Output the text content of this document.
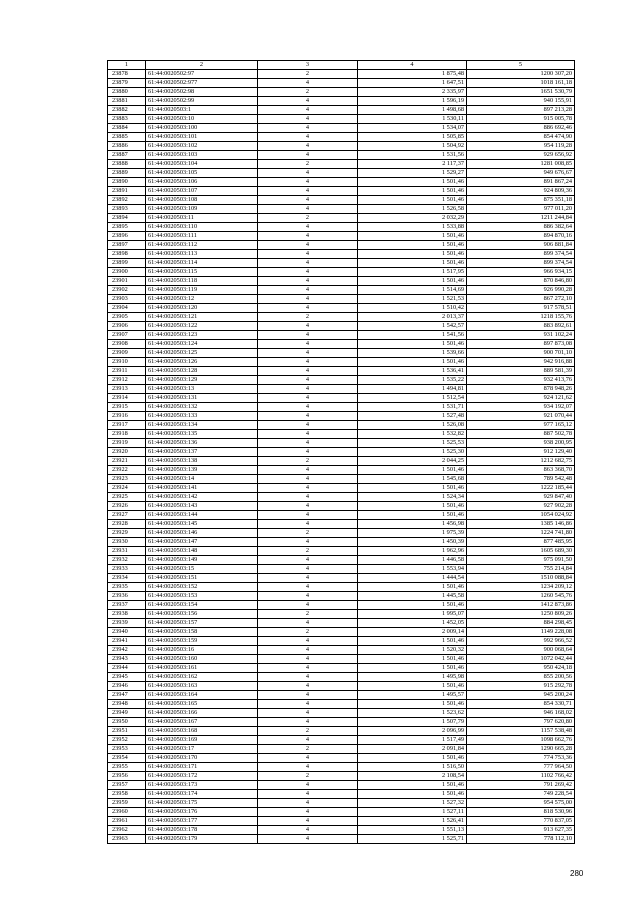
1	2	3	4	5
23878	61:44:0020502:97	2	1 875,48	1200 307,20
23879	61:44:0020502:977	4	1 647,51	1018 161,18
23880	61:44:0020502:98	2	2 335,97	1651 530,79
23881	61:44:0020502:99	4	1 596,19	940 155,91
23882	61:44:0020503:1	4	1 498,68	897 213,28
23883	61:44:0020503:10	4	1 530,11	915 005,78
23884	61:44:0020503:100	4	1 534,07	886 692,46
23885	61:44:0020503:101	4	1 505,85	854 474,90
23886	61:44:0020503:102	4	1 504,92	954 119,28
23887	61:44:0020503:103	4	1 531,56	929 656,92
23888	61:44:0020503:104	2	2 117,37	1281 008,85
23889	61:44:0020503:105	4	1 529,27	949 676,67
23890	61:44:0020503:106	4	1 501,46	891 867,24
23891	61:44:0020503:107	4	1 501,46	924 809,36
23892	61:44:0020503:108	4	1 501,46	875 351,18
23893	61:44:0020503:109	4	1 526,58	977 011,20
23894	61:44:0020503:11	2	2 032,29	1211 244,84
23895	61:44:0020503:110	4	1 533,88	886 382,64
23896	61:44:0020503:111	4	1 501,46	894 870,16
23897	61:44:0020503:112	4	1 501,46	906 881,84
23898	61:44:0020503:113	4	1 501,46	899 374,54
23899	61:44:0020503:114	4	1 501,46	899 374,54
23900	61:44:0020503:115	4	1 517,95	966 934,15
23901	61:44:0020503:118	4	1 501,46	870 846,80
23902	61:44:0020503:119	4	1 514,69	926 990,28
23903	61:44:0020503:12	4	1 521,53	867 272,10
23904	61:44:0020503:120	4	1 510,42	917 578,51
23905	61:44:0020503:121	2	2 013,37	1218 155,76
23906	61:44:0020503:122	4	1 542,57	883 892,61
23907	61:44:0020503:123	4	1 541,56	931 102,24
23908	61:44:0020503:124	4	1 501,46	897 873,08
23909	61:44:0020503:125	4	1 539,66	900 701,10
23910	61:44:0020503:126	4	1 501,46	942 916,88
23911	61:44:0020503:128	4	1 536,41	889 581,39
23912	61:44:0020503:129	4	1 535,22	932 413,76
23913	61:44:0020503:13	4	1 494,81	878 948,26
23914	61:44:0020503:131	4	1 512,54	924 121,62
23915	61:44:0020503:132	4	1 531,71	934 192,07
23916	61:44:0020503:133	4	1 527,48	921 070,44
23917	61:44:0020503:134	4	1 526,08	977 165,12
23918	61:44:0020503:135	4	1 532,82	887 502,78
23919	61:44:0020503:136	4	1 525,53	938 200,95
23920	61:44:0020503:137	4	1 525,30	912 129,40
23921	61:44:0020503:138	2	2 044,25	1212 682,75
23922	61:44:0020503:139	4	1 501,46	863 368,70
23923	61:44:0020503:14	4	1 545,68	789 542,48
23924	61:44:0020503:141	4	1 501,46	1222 185,44
23925	61:44:0020503:142	4	1 524,34	929 847,40
23926	61:44:0020503:143	4	1 501,46	927 902,28
23927	61:44:0020503:144	4	1 501,46	1054 024,92
23928	61:44:0020503:145	4	1 456,98	1385 146,86
23929	61:44:0020503:146	2	1 975,39	1224 741,80
23930	61:44:0020503:147	4	1 450,39	877 485,95
23931	61:44:0020503:148	2	1 962,96	1605 689,30
23932	61:44:0020503:149	4	1 446,58	975 091,50
23933	61:44:0020503:15	4	1 553,94	755 214,84
23934	61:44:0020503:151	4	1 444,54	1510 088,84
23935	61:44:0020503:152	4	1 501,46	1234 209,12
23936	61:44:0020503:153	4	1 445,58	1260 545,76
23937	61:44:0020503:154	4	1 501,46	1412 873,86
23938	61:44:0020503:156	2	1 995,07	1250 809,26
23939	61:44:0020503:157	4	1 452,05	884 298,45
23940	61:44:0020503:158	2	2 009,14	1149 228,08
23941	61:44:0020503:159	4	1 501,46	992 966,52
23942	61:44:0020503:16	4	1 520,32	900 068,64
23943	61:44:0020503:160	4	1 501,46	1072 042,44
23944	61:44:0020503:161	4	1 501,46	950 424,18
23945	61:44:0020503:162	4	1 495,98	855 200,56
23946	61:44:0020503:163	4	1 501,46	915 292,78
23947	61:44:0020503:164	4	1 495,57	945 200,24
23948	61:44:0020503:165	4	1 501,46	854 330,71
23949	61:44:0020503:166	4	1 523,62	946 168,02
23950	61:44:0020503:167	4	1 507,79	797 620,80
23951	61:44:0020503:168	2	2 096,99	1157 538,48
23952	61:44:0020503:169	4	1 517,49	1098 662,76
23953	61:44:0020503:17	2	2 091,84	1290 665,28
23954	61:44:0020503:170	4	1 501,46	774 753,36
23955	61:44:0020503:171	4	1 516,50	777 964,50
23956	61:44:0020503:172	2	2 108,54	1102 766,42
23957	61:44:0020503:173	4	1 501,46	791 269,42
23958	61:44:0020503:174	4	1 501,46	749 228,54
23959	61:44:0020503:175	4	1 527,32	954 575,00
23960	61:44:0020503:176	4	1 527,11	818 530,96
23961	61:44:0020503:177	4	1 526,41	770 837,05
23962	61:44:0020503:178	4	1 551,13	913 627,35
23963	61:44:0020503:179	4	1 525,71	778 112,10
280
